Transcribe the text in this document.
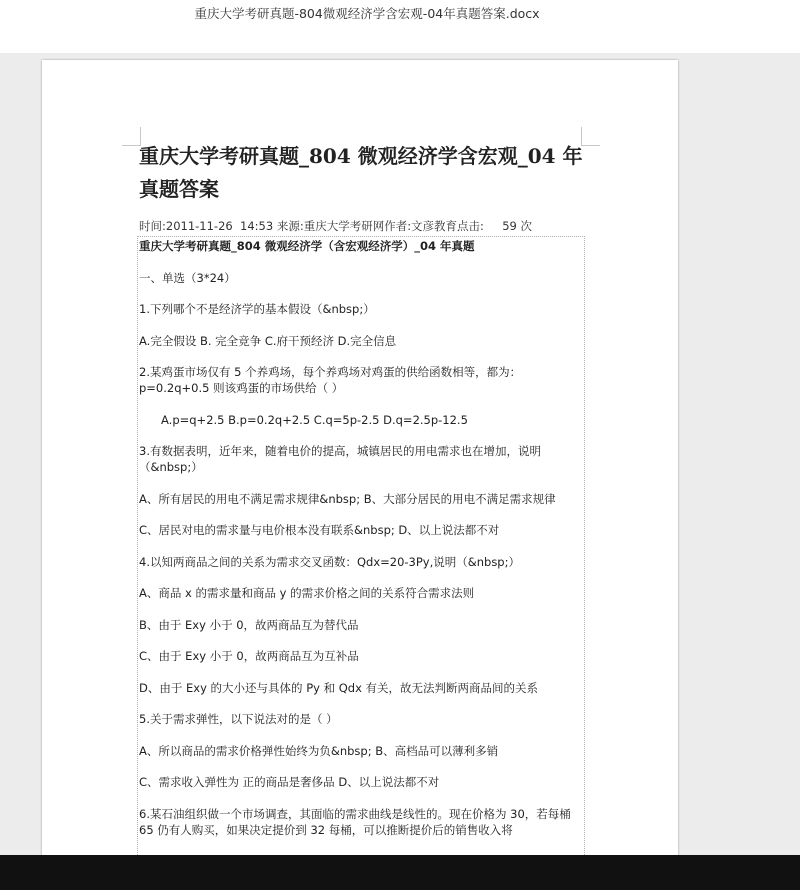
重庆大学考研真题-804微观经济学含宏观-04年真题答案.docx
重庆大学考研真题_804 微观经济学含宏观_04 年真题答案
时间:2011-11-26  14:53 来源:重庆大学考研网作者:文彦教育点击:     59 次

重庆大学考研真题_804 微观经济学（含宏观经济学）_04 年真题

一、单选（3*24）

1.下列哪个不是经济学的基本假设（&nbsp;）

A.完全假设 B. 完全竞争 C.府干预经济 D.完全信息

2.某鸡蛋市场仅有 5 个养鸡场，每个养鸡场对鸡蛋的供给函数相等，都为：p=0.2q+0.5 则该鸡蛋的市场供给（ ）

A.p=q+2.5 B.p=0.2q+2.5 C.q=5p-2.5 D.q=2.5p-12.5

3.有数据表明，近年来，随着电价的提高，城镇居民的用电需求也在增加，说明（&nbsp;）

A、所有居民的用电不满足需求规律&nbsp; B、大部分居民的用电不满足需求规律

C、居民对电的需求量与电价根本没有联系&nbsp; D、以上说法都不对

4.以知两商品之间的关系为需求交叉函数：Qdx=20-3Py,说明（&nbsp;）

A、商品 x 的需求量和商品 y 的需求价格之间的关系符合需求法则

B、由于 Exy 小于 0，故两商品互为替代品

C、由于 Exy 小于 0，故两商品互为互补品

D、由于 Exy 的大小还与具体的 Py 和 Qdx 有关，故无法判断两商品间的关系

5.关于需求弹性，以下说法对的是（ ）

A、所以商品的需求价格弹性始终为负&nbsp; B、高档品可以薄利多销

C、需求收入弹性为 正的商品是奢侈品 D、以上说法都不对

6.某石油组织做一个市场调查，其面临的需求曲线是线性的。现在价格为 30，若每桶 65 仍有人购买，如果决定提价到 32 每桶，可以推断提价后的销售收入将
